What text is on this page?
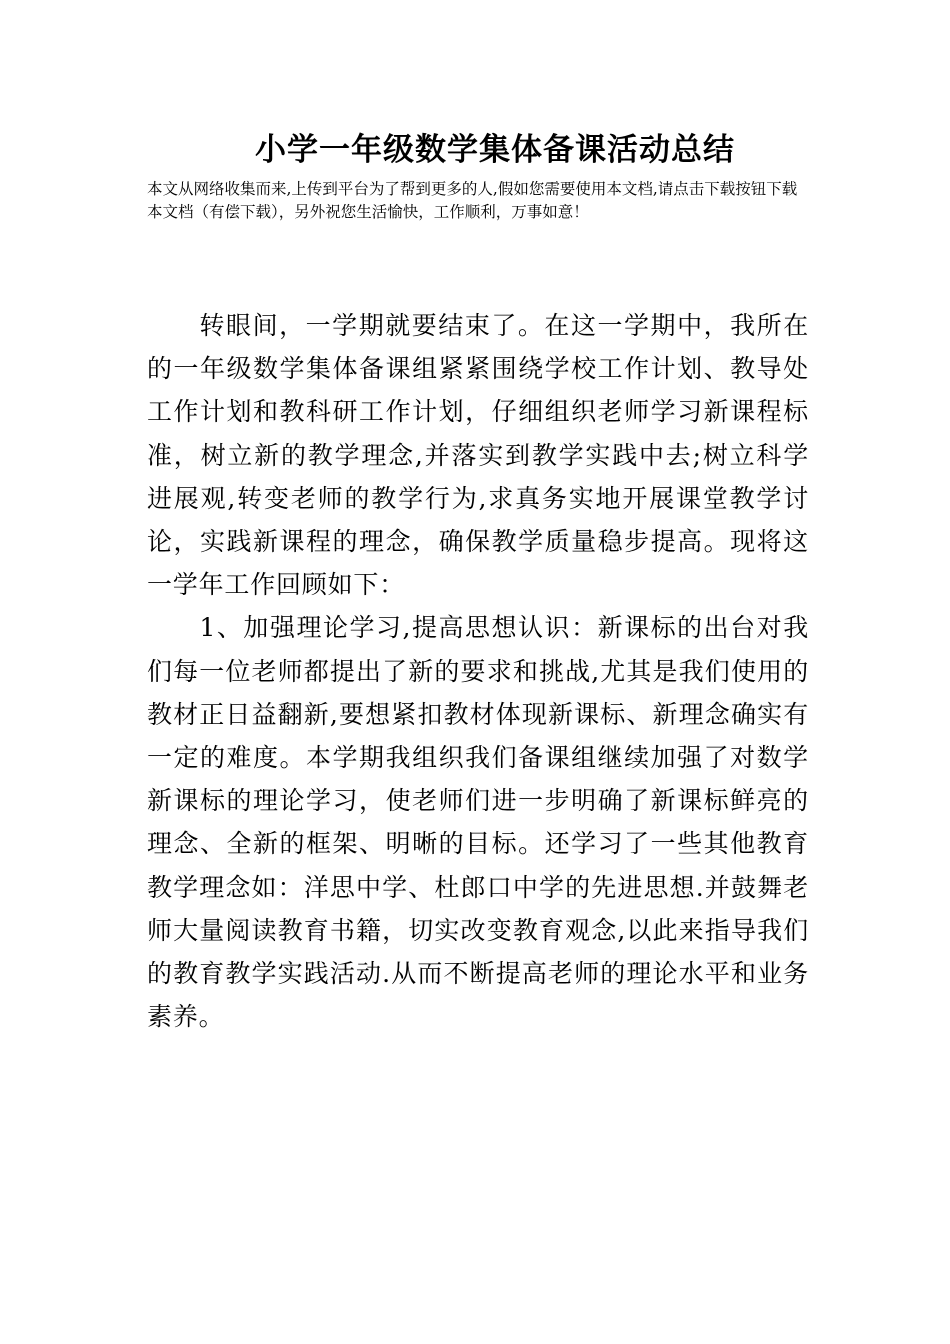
小学一年级数学集体备课活动总结
本文从网络收集而来,上传到平台为了帮到更多的人,假如您需要使用本文档,请点击下载按钮下载本文档（有偿下载），另外祝您生活愉快，工作顺利，万事如意！

转眼间，一学期就要结束了。在这一学期中，我所在的一年级数学集体备课组紧紧围绕学校工作计划、教导处工作计划和教科研工作计划，仔细组织老师学习新课程标准，树立新的教学理念,并落实到教学实践中去;树立科学进展观,转变老师的教学行为,求真务实地开展课堂教学讨论，实践新课程的理念，确保教学质量稳步提高。现将这一学年工作回顾如下：

1、加强理论学习,提高思想认识：新课标的出台对我们每一位老师都提出了新的要求和挑战,尤其是我们使用的教材正日益翻新,要想紧扣教材体现新课标、新理念确实有一定的难度。本学期我组织我们备课组继续加强了对数学新课标的理论学习，使老师们进一步明确了新课标鲜亮的理念、全新的框架、明晰的目标。还学习了一些其他教育教学理念如：洋思中学、杜郎口中学的先进思想.并鼓舞老师大量阅读教育书籍，切实改变教育观念,以此来指导我们的教育教学实践活动.从而不断提高老师的理论水平和业务素养。
